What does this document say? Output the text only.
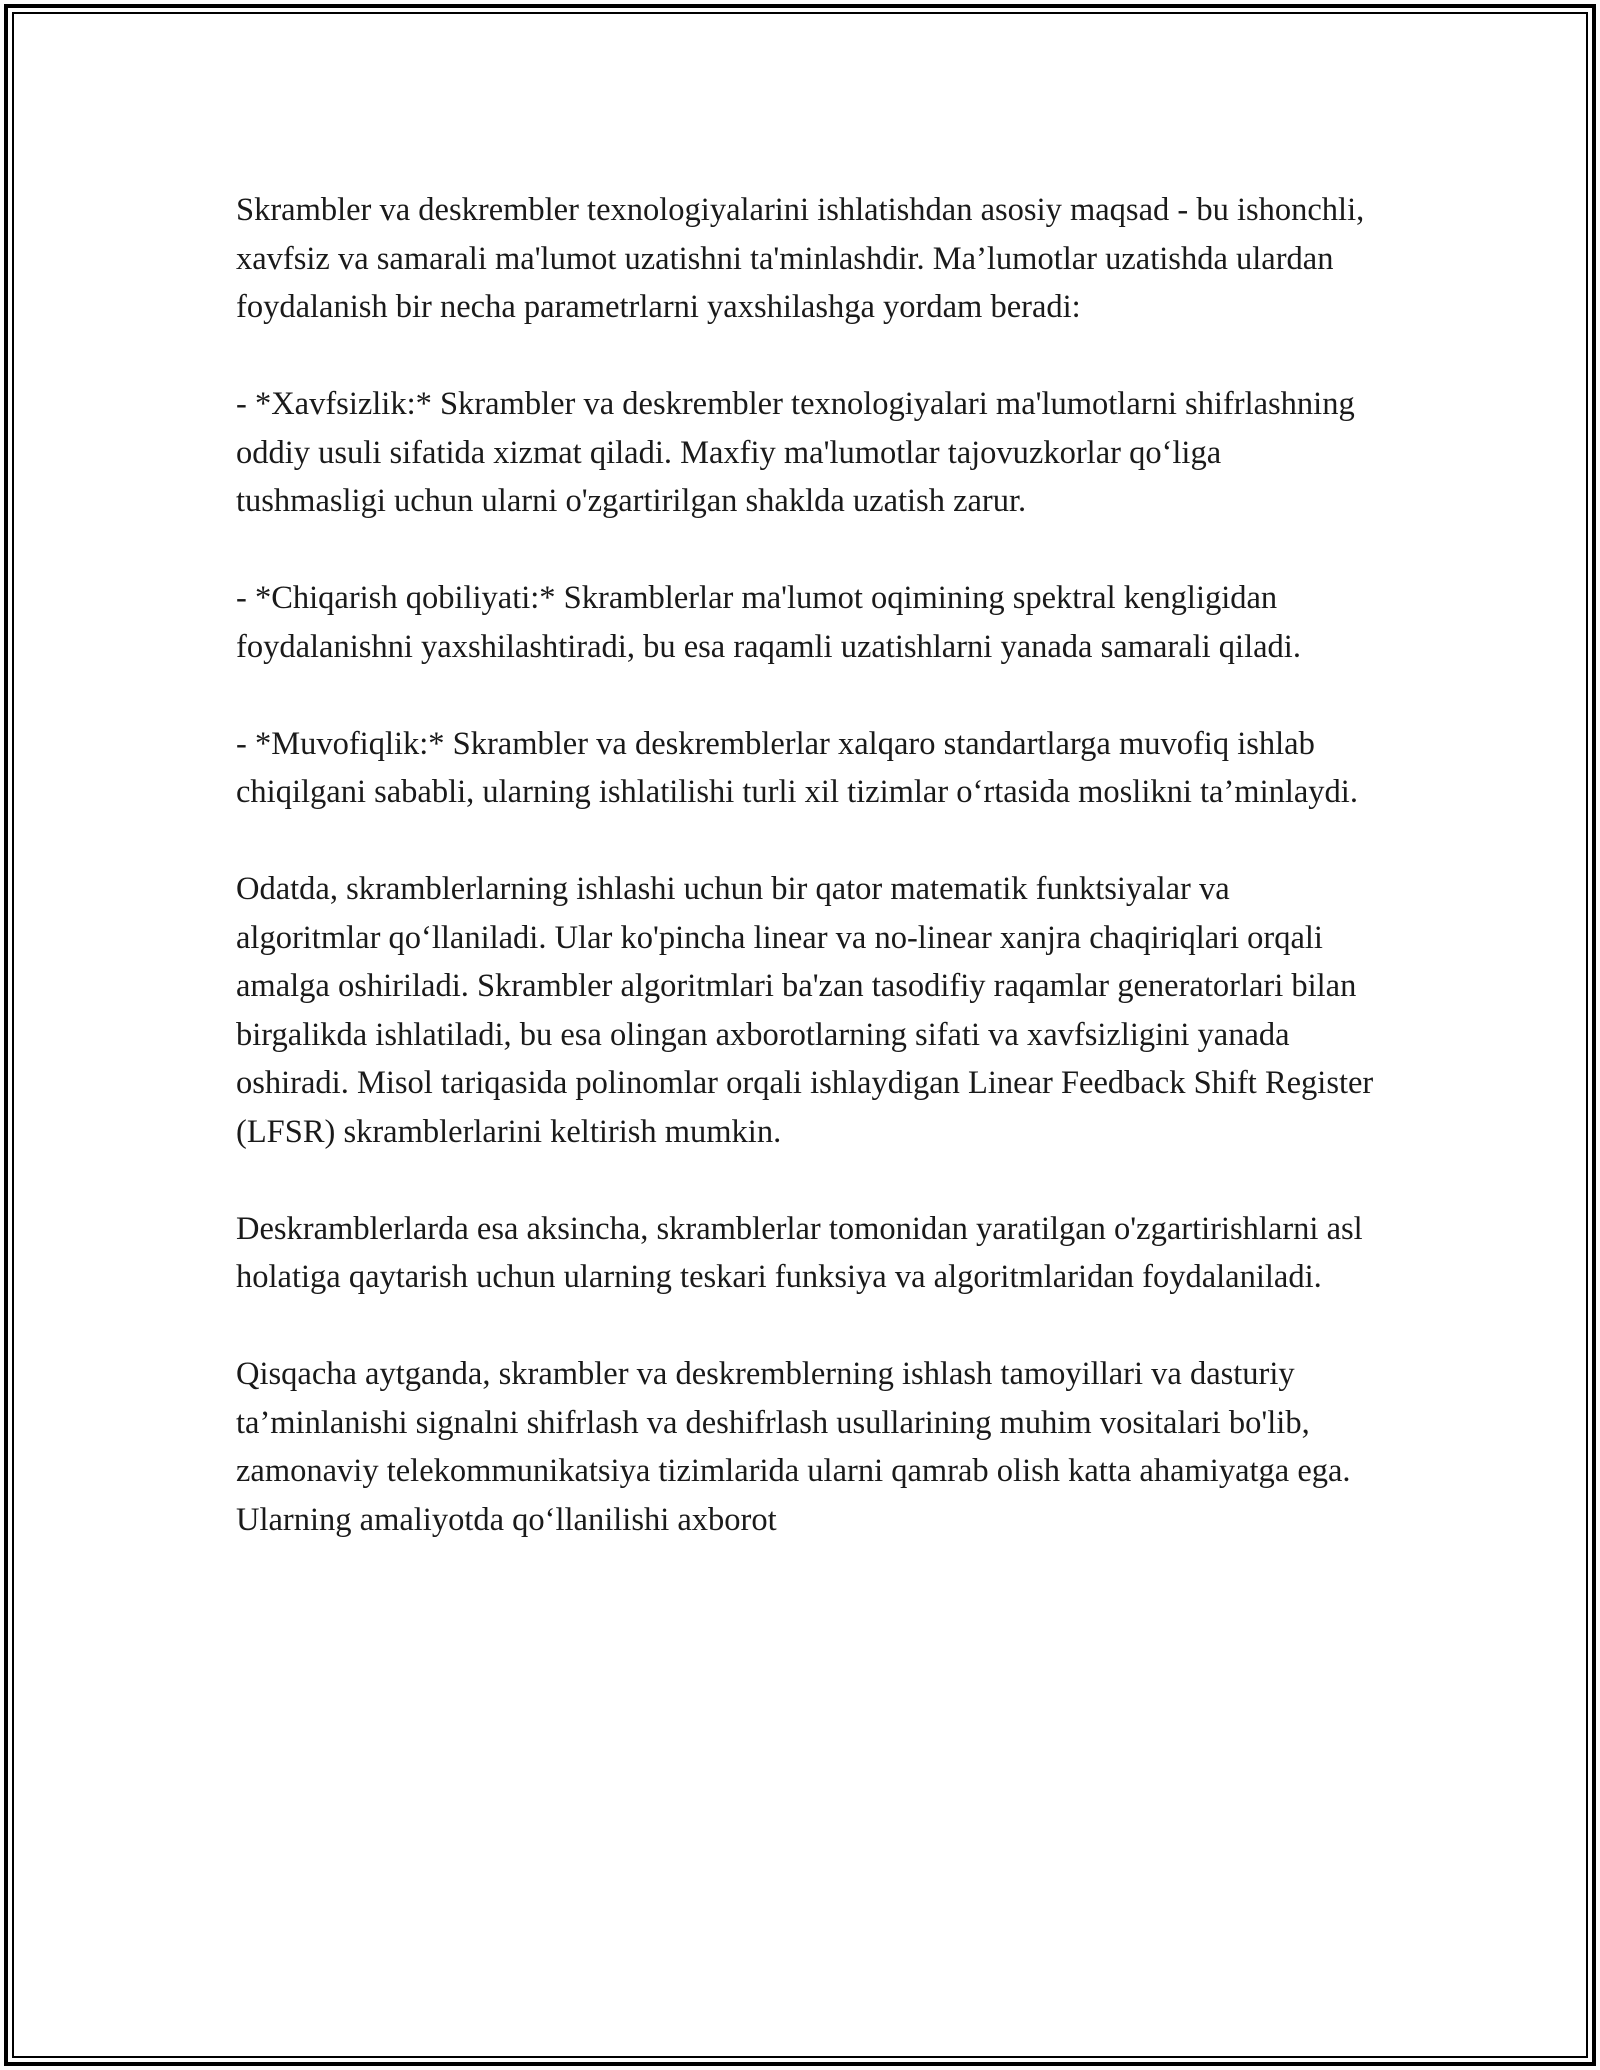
Skrambler va deskrembler texnologiyalarini ishlatishdan asosiy maqsad - bu ishonchli, xavfsiz va samarali ma'lumot uzatishni ta'minlashdir. Ma’lumotlar uzatishda ulardan foydalanish bir necha parametrlarni yaxshilashga yordam beradi:

- *Xavfsizlik:* Skrambler va deskrembler texnologiyalari ma'lumotlarni shifrlashning oddiy usuli sifatida xizmat qiladi. Maxfiy ma'lumotlar tajovuzkorlar qo‘liga tushmasligi uchun ularni o'zgartirilgan shakldа uzatish zarur.

- *Chiqarish qobiliyati:* Skramblerlar ma'lumot oqimining spektral kengligidan foydalanishni yaxshilashtiradi, bu esa raqamli uzatishlarni yanada samarali qiladi.

- *Muvofiqlik:* Skrambler va deskremblerlar xalqaro standartlarga muvofiq ishlab chiqilgani sababli, ularning ishlatilishi turli xil tizimlar o‘rtasida moslikni ta’minlaydi.

Odatda, skramblerlarning ishlashi uchun bir qator matematik funktsiyalar va algoritmlar qo‘llaniladi. Ular ko'pincha linear va no-linear xanjra chaqiriqlari orqali amalga oshiriladi. Skrambler algoritmlari ba'zan tasodifiy raqamlar generatorlari bilan birgalikda ishlatiladi, bu esa olingan axborotlarning sifati va xavfsizligini yanada oshiradi. Misol tariqasida polinomlar orqali ishlaydigan Linear Feedback Shift Register (LFSR) skramblerlarini keltirish mumkin.

Deskramblerlarda esa aksincha, skramblerlar tomonidan yaratilgan o'zgartirishlarni asl holatiga qaytarish uchun ularning teskari funksiya va algoritmlaridan foydalaniladi.

Qisqacha aytganda, skrambler va deskremblerning ishlash tamoyillari va dasturiy ta’minlanishi signalni shifrlash va deshifrlash usullarining muhim vositalari bo'lib, zamonaviy telekommunikatsiya tizimlarida ularni qamrab olish katta ahamiyatga ega. Ularning amaliyotda qo‘llanilishi axborot
